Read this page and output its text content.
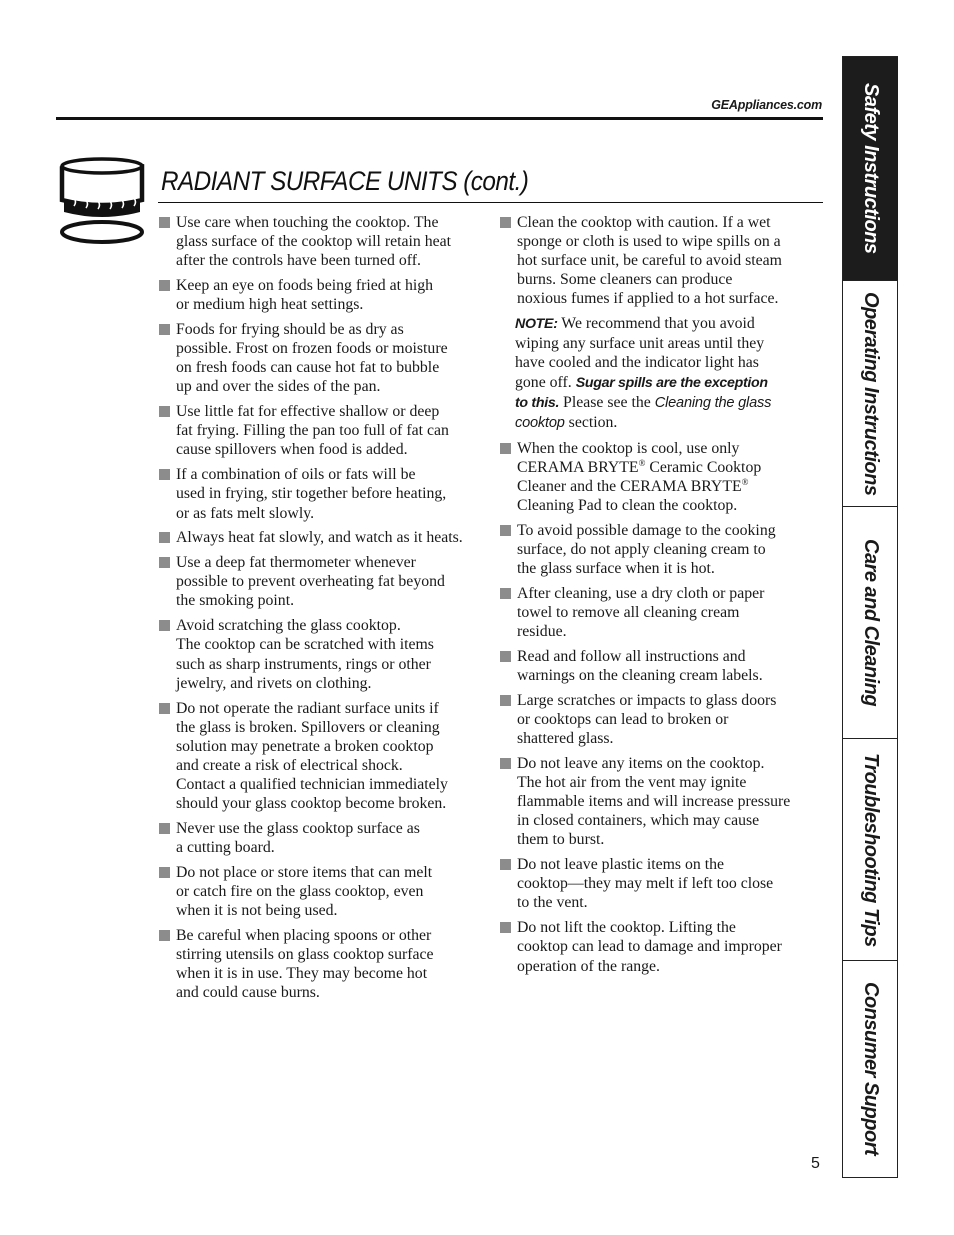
GEAppliances.com
RADIANT SURFACE UNITS (cont.)
Use care when touching the cooktop. The
glass surface of the cooktop will retain heat
after the controls have been turned off.
Keep an eye on foods being fried at high
or medium high heat settings.
Foods for frying should be as dry as
possible. Frost on frozen foods or moisture
on fresh foods can cause hot fat to bubble
up and over the sides of the pan.
Use little fat for effective shallow or deep
fat frying. Filling the pan too full of fat can
cause spillovers when food is added.
If a combination of oils or fats will be
used in frying, stir together before heating,
or as fats melt slowly.
Always heat fat slowly, and watch as it heats.
Use a deep fat thermometer whenever
possible to prevent overheating fat beyond
the smoking point.
Avoid scratching the glass cooktop.
The cooktop can be scratched with items
such as sharp instruments, rings or other
jewelry, and rivets on clothing.
Do not operate the radiant surface units if
the glass is broken. Spillovers or cleaning
solution may penetrate a broken cooktop
and create a risk of electrical shock.
Contact a qualified technician immediately
should your glass cooktop become broken.
Never use the glass cooktop surface as
a cutting board.
Do not place or store items that can melt
or catch fire on the glass cooktop, even
when it is not being used.
Be careful when placing spoons or other
stirring utensils on glass cooktop surface
when it is in use. They may become hot
and could cause burns.
Clean the cooktop with caution. If a wet
sponge or cloth is used to wipe spills on a
hot surface unit, be careful to avoid steam
burns. Some cleaners can produce
noxious fumes if applied to a hot surface.
NOTE: We recommend that you avoid
wiping any surface unit areas until they
have cooled and the indicator light has
gone off. Sugar spills are the exception
to this. Please see the Cleaning the glass
cooktop section.
When the cooktop is cool, use only
CERAMA BRYTE® Ceramic Cooktop
Cleaner and the CERAMA BRYTE®
Cleaning Pad to clean the cooktop.
To avoid possible damage to the cooking
surface, do not apply cleaning cream to
the glass surface when it is hot.
After cleaning, use a dry cloth or paper
towel to remove all cleaning cream
residue.
Read and follow all instructions and
warnings on the cleaning cream labels.
Large scratches or impacts to glass doors
or cooktops can lead to broken or
shattered glass.
Do not leave any items on the cooktop.
The hot air from the vent may ignite
flammable items and will increase pressure
in closed containers, which may cause
them to burst.
Do not leave plastic items on the
cooktop—they may melt if left too close
to the vent.
Do not lift the cooktop. Lifting the
cooktop can lead to damage and improper
operation of the range.
Safety Instructions
Operating Instructions
Care and Cleaning
Troubleshooting Tips
Consumer Support
5
